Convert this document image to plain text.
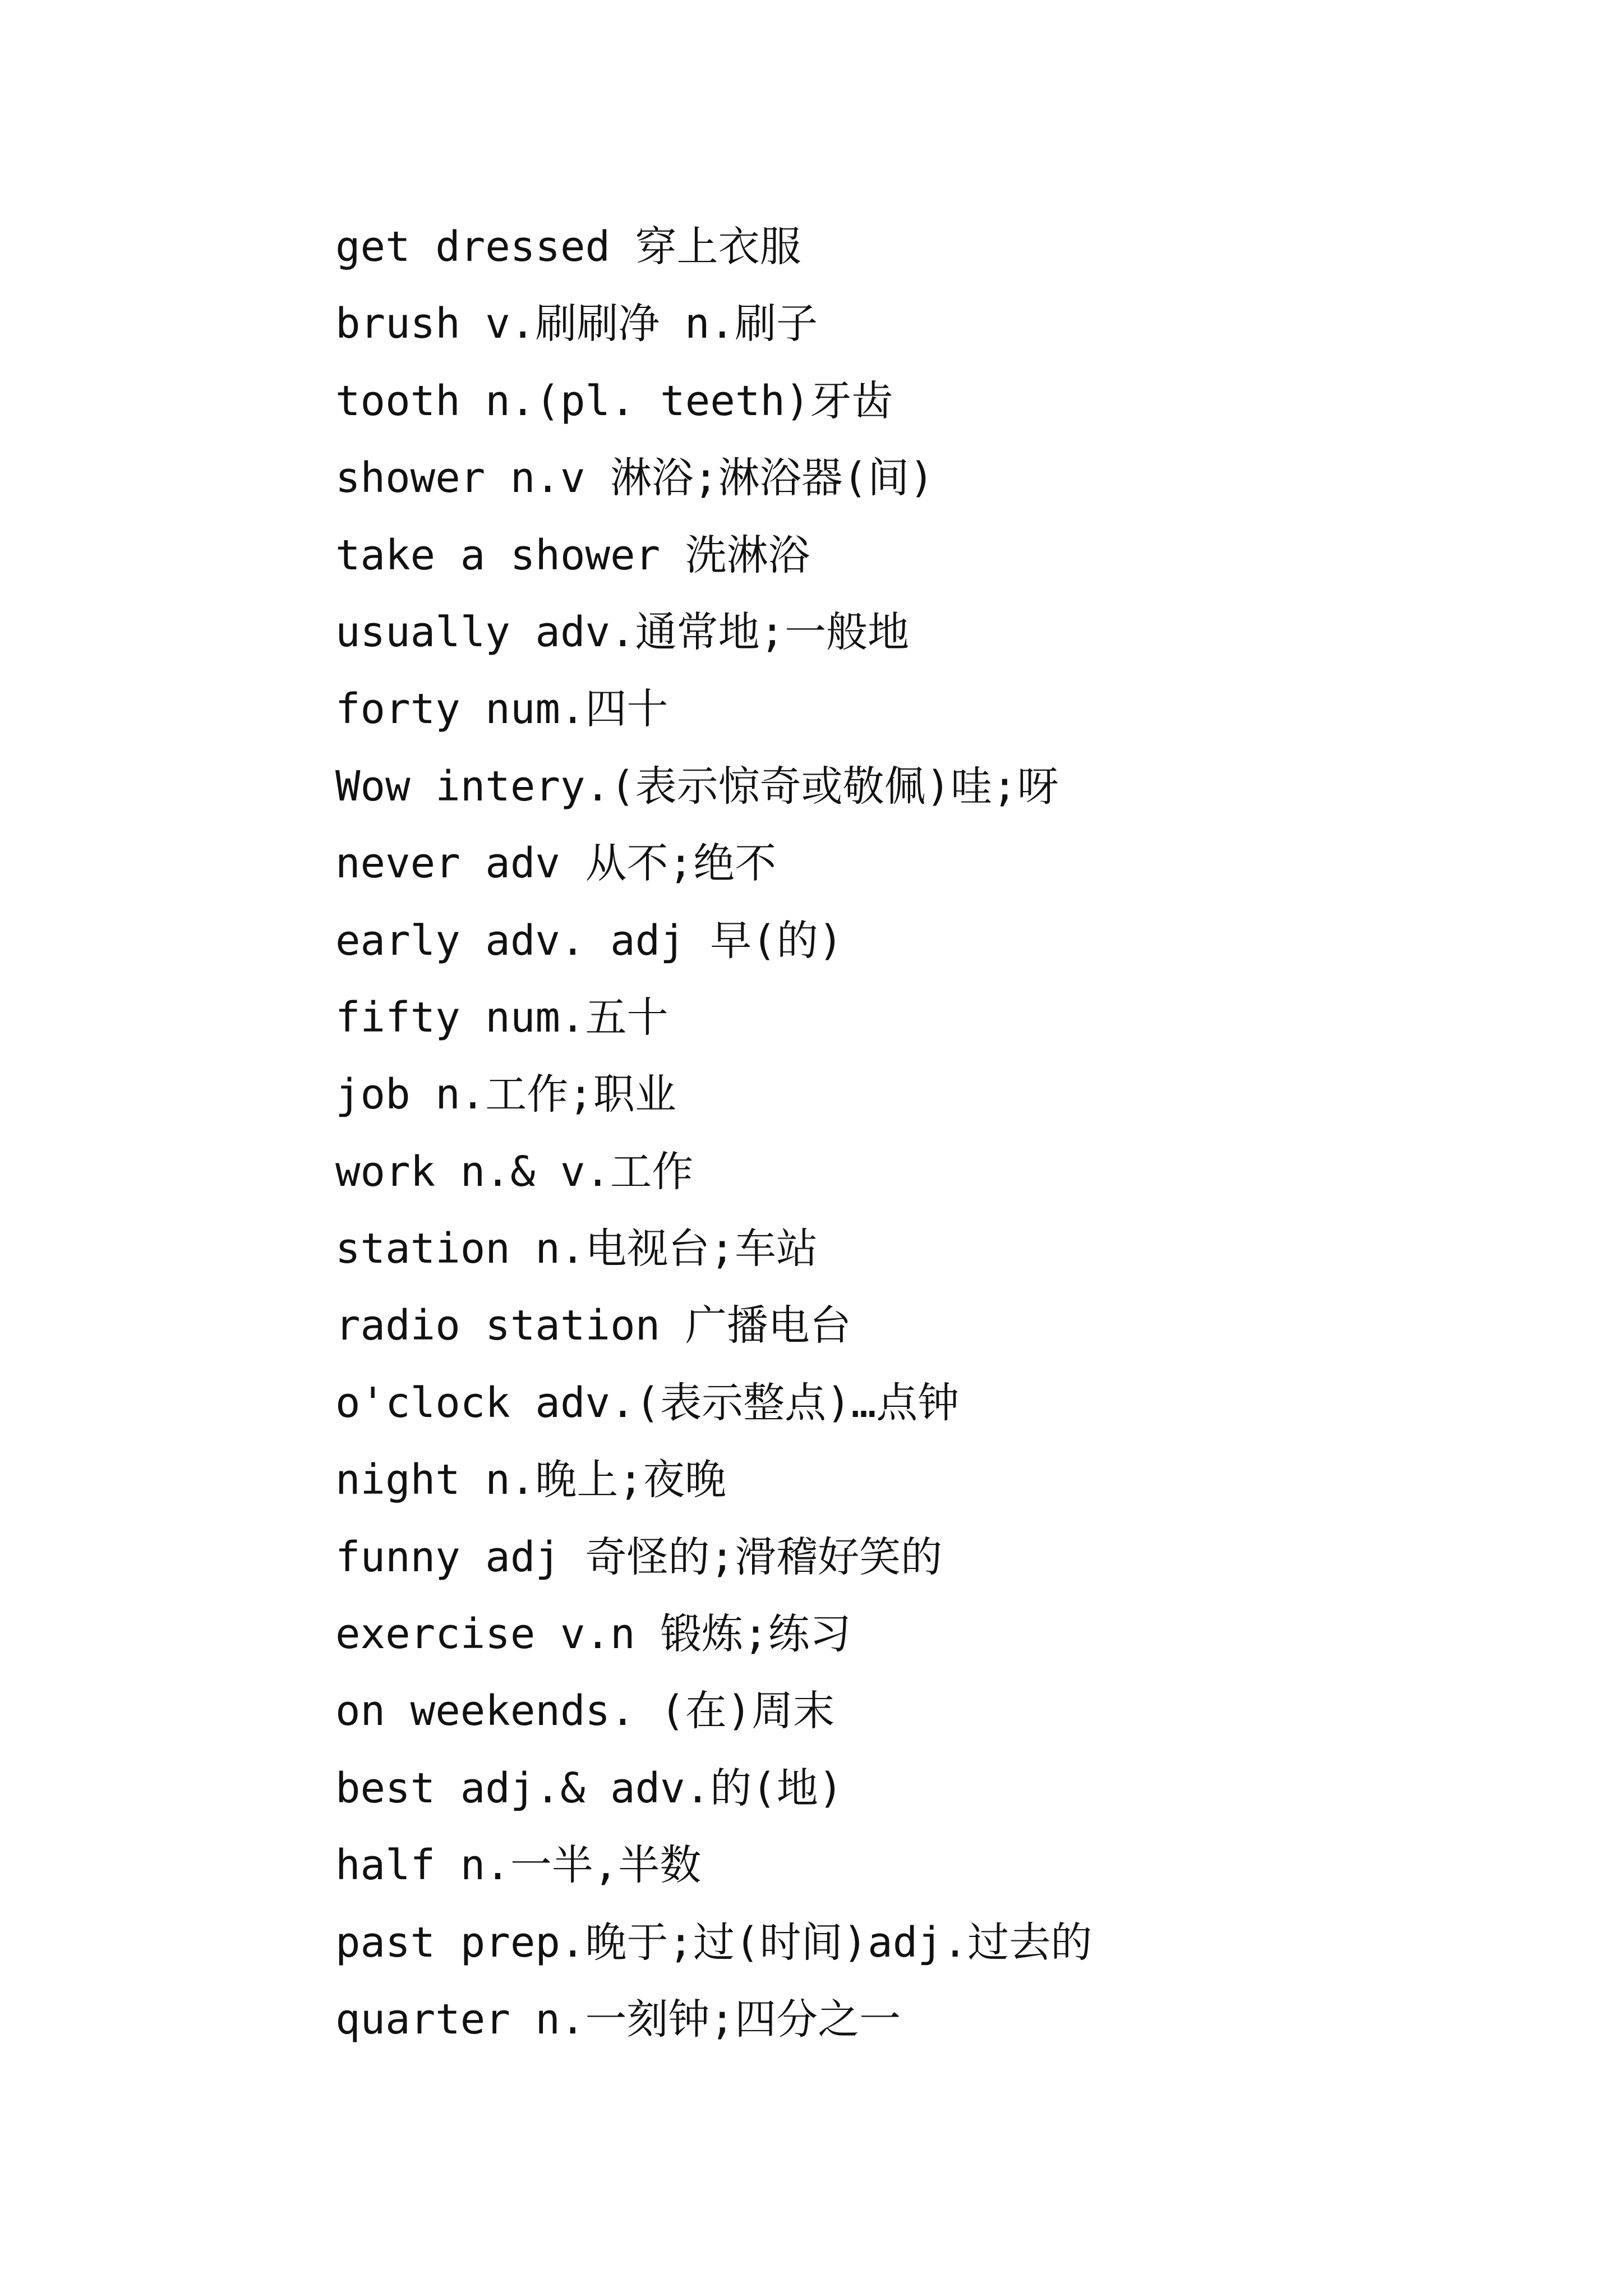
get dressed 穿上衣服
brush v.刷刷净 n.刷子
tooth n.(pl. teeth)牙齿
shower n.v 淋浴;淋浴器(间)
take a shower 洗淋浴
usually adv.通常地;一般地
forty num.四十
Wow intery.(表示惊奇或敬佩)哇;呀
never adv 从不;绝不
early adv. adj 早(的)
fifty num.五十
job n.工作;职业
work n.& v.工作
station n.电视台;车站
radio station 广播电台
o'clock adv.(表示整点)…点钟
night n.晚上;夜晚
funny adj 奇怪的;滑稽好笑的
exercise v.n 锻炼;练习
on weekends. (在)周末
best adj.& adv.的(地)
half n.一半,半数
past prep.晚于;过(时间)adj.过去的
quarter n.一刻钟;四分之一
